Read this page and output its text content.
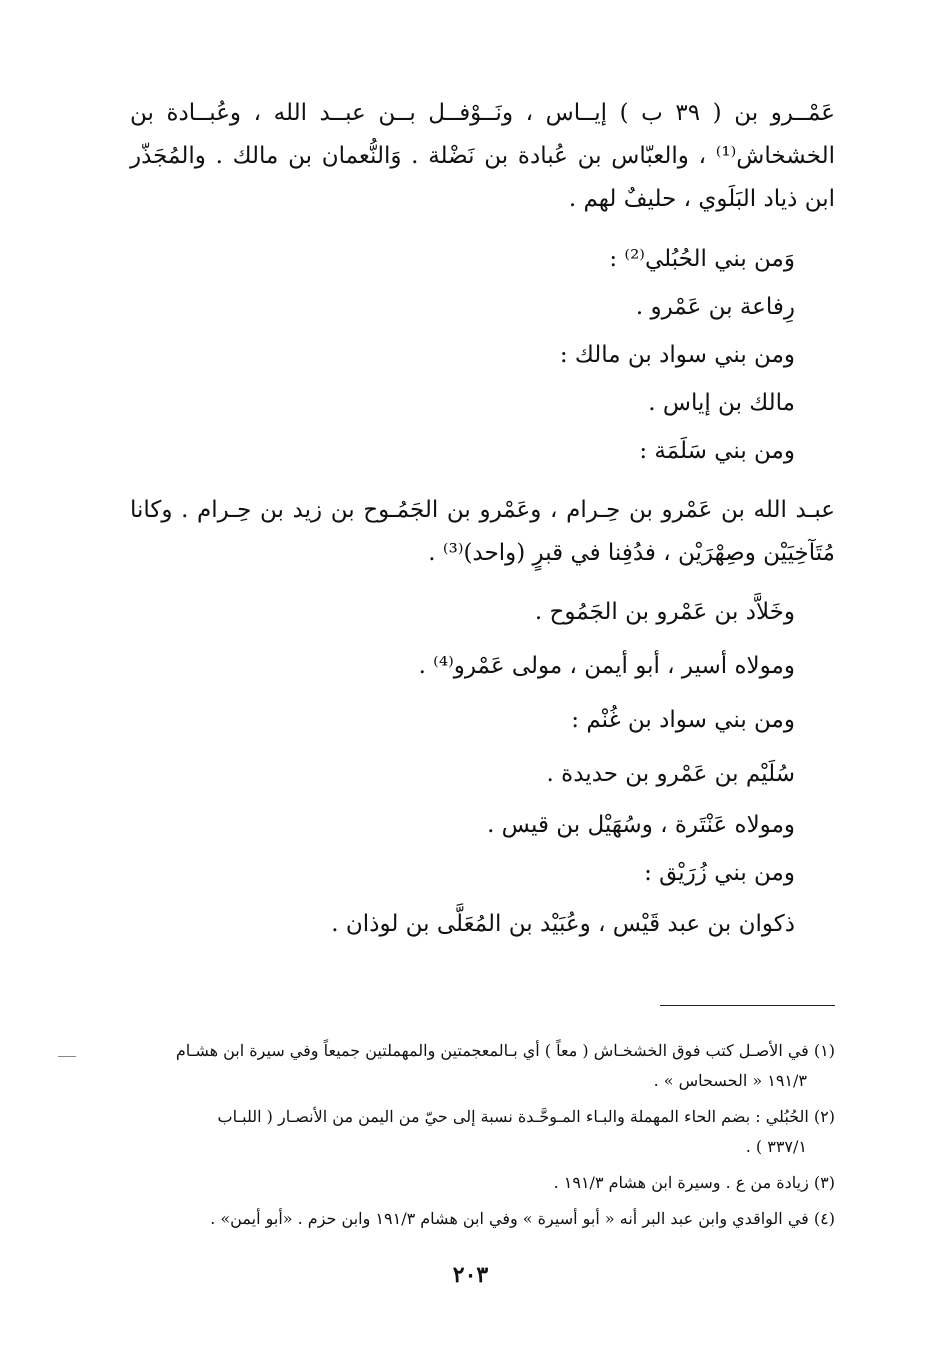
عَمْــرو بن ( ٣٩ ب ) إيــاس ، ونَــوْفــل بــن عبــد الله ، وعُبــادة بن الخشخاش⁽¹⁾ ، والعبّاس بن عُبادة بن نَضْلة . وَالنُّعمان بن مالك . والمُجَذّر ابن ذياد البَلَوي ، حليفٌ لهم .
وَمن بني الحُبُلي⁽²⁾ :
رِفاعة بن عَمْرو .
ومن بني سواد بن مالك :
مالك بن إياس .
ومن بني سَلَمَة :
عبـد الله بن عَمْرو بن حِـرام ، وعَمْرو بن الجَمُـوح بن زيد بن حِـرام . وكانا مُتَآخِيَيْن وصِهْرَيْن ، فدُفِنا في قبرٍ (واحد)⁽³⁾ .
وخَلاَّد بن عَمْرو بن الجَمُوح .
ومولاه أسير ، أبو أيمن ، مولى عَمْرو⁽⁴⁾ .
ومن بني سواد بن غُنْم :
سُلَيْم بن عَمْرو بن حديدة .
ومولاه عَنْتَرة ، وسُهَيْل بن قيس .
ومن بني زُرَيْق :
ذكوان بن عبد قَيْس ، وعُبَيْد بن المُعَلَّى بن لوذان .
(١) في الأصـل كتب فوق الخشخـاش ( معاً ) أي بـالمعجمتين والمهملتين جميعاً وفي سيرة ابن هشـام
١٩١/٣ « الحسحاس » .
(٢) الحُبُلي : بضم الحاء المهملة والبـاء المـوحَّـدة نسبة إلى حيّ من اليمن من الأنصـار ( اللبـاب
٣٣٧/١ ) .
(٣) زيادة من ع . وسيرة ابن هشام ١٩١/٣ .
(٤) في الواقدي وابن عبد البر أنه « أبو أسيرة » وفي ابن هشام ١٩١/٣ وابن حزم . «أبو أيمن» .
٢٠٣
